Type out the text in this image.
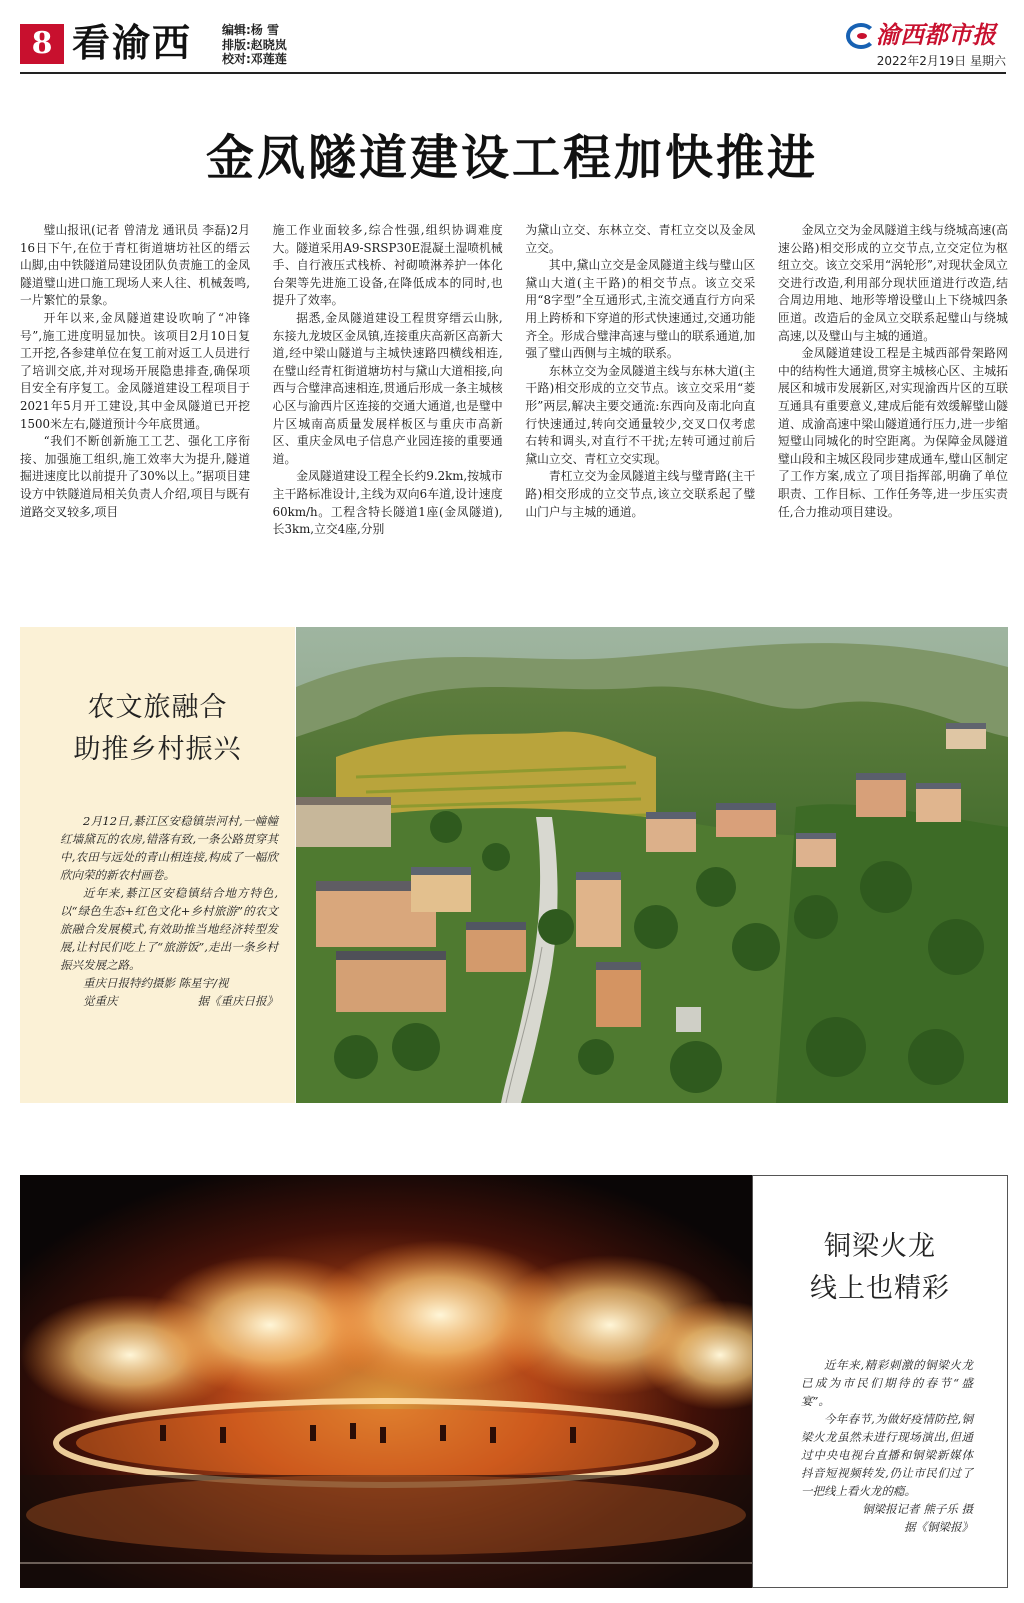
8 看渝西 编辑:杨 雪
排版:赵晓岚
校对:邓莲莲
渝西都市报
2022年2月19日 星期六
金凤隧道建设工程加快推进

璧山报讯(记者 曾清龙 通讯员 李磊)2月16日下午,在位于青杠街道塘坊社区的缙云山脚,由中铁隧道局建设团队负责施工的金凤隧道璧山进口施工现场人来人往、机械轰鸣,一片繁忙的景象。

开年以来,金凤隧道建设吹响了“冲锋号”,施工进度明显加快。该项目2月10日复工开挖,各参建单位在复工前对返工人员进行了培训交底,并对现场开展隐患排查,确保项目安全有序复工。金凤隧道建设工程项目于2021年5月开工建设,其中金凤隧道已开挖1500米左右,隧道预计今年底贯通。

“我们不断创新施工工艺、强化工序衔接、加强施工组织,施工效率大为提升,隧道掘进速度比以前提升了30%以上。”据项目建设方中铁隧道局相关负责人介绍,项目与既有道路交叉较多,项目

施工作业面较多,综合性强,组织协调难度大。隧道采用A9-SRSP30E混凝土湿喷机械手、自行液压式栈桥、衬砌喷淋养护一体化台架等先进施工设备,在降低成本的同时,也提升了效率。

据悉,金凤隧道建设工程贯穿缙云山脉,东接九龙坡区金凤镇,连接重庆高新区高新大道,经中梁山隧道与主城快速路四横线相连,在璧山经青杠街道塘坊村与黛山大道相接,向西与合璧津高速相连,贯通后形成一条主城核心区与渝西片区连接的交通大通道,也是璧中片区城南高质量发展样板区与重庆市高新区、重庆金凤电子信息产业园连接的重要通道。

金凤隧道建设工程全长约9.2km,按城市主干路标准设计,主线为双向6车道,设计速度60km/h。工程含特长隧道1座(金凤隧道),长3km,立交4座,分别

为黛山立交、东林立交、青杠立交以及金凤立交。

其中,黛山立交是金凤隧道主线与璧山区黛山大道(主干路)的相交节点。该立交采用“8字型”全互通形式,主流交通直行方向采用上跨桥和下穿道的形式快速通过,交通功能齐全。形成合璧津高速与璧山的联系通道,加强了璧山西侧与主城的联系。

东林立交为金凤隧道主线与东林大道(主干路)相交形成的立交节点。该立交采用“菱形”两层,解决主要交通流:东西向及南北向直行快速通过,转向交通量较少,交叉口仅考虑右转和调头,对直行不干扰;左转可通过前后黛山立交、青杠立交实现。

青杠立交为金凤隧道主线与璧青路(主干路)相交形成的立交节点,该立交联系起了璧山门户与主城的通道。

金凤立交为金凤隧道主线与绕城高速(高速公路)相交形成的立交节点,立交定位为枢纽立交。该立交采用“涡轮形”,对现状金凤立交进行改造,利用部分现状匝道进行改造,结合周边用地、地形等增设璧山上下绕城四条匝道。改造后的金凤立交联系起璧山与绕城高速,以及璧山与主城的通道。

金凤隧道建设工程是主城西部骨架路网中的结构性大通道,贯穿主城核心区、主城拓展区和城市发展新区,对实现渝西片区的互联互通具有重要意义,建成后能有效缓解璧山隧道、成渝高速中梁山隧道通行压力,进一步缩短璧山同城化的时空距离。为保障金凤隧道璧山段和主城区段同步建成通车,璧山区制定了工作方案,成立了项目指挥部,明确了单位职责、工作目标、工作任务等,进一步压实责任,合力推动项目建设。

农文旅融合
助推乡村振兴

2月12日,綦江区安稳镇崇河村,一幢幢红墙黛瓦的农房,错落有致,一条公路贯穿其中,农田与远处的青山相连接,构成了一幅欣欣向荣的新农村画卷。

近年来,綦江区安稳镇结合地方特色,以“绿色生态+红色文化+乡村旅游”的农文旅融合发展模式,有效助推当地经济转型发展,让村民们吃上了“旅游饭”,走出一条乡村振兴发展之路。

重庆日报特约摄影 陈星宇/视

觉重庆	据《重庆日报》

铜梁火龙
线上也精彩

近年来,精彩刺激的铜梁火龙已成为市民们期待的春节“盛宴”。

今年春节,为做好疫情防控,铜梁火龙虽然未进行现场演出,但通过中央电视台直播和铜梁新媒体抖音短视频转发,仍让市民们过了一把线上看火龙的瘾。

铜梁报记者 熊子乐 摄

据《铜梁报》
